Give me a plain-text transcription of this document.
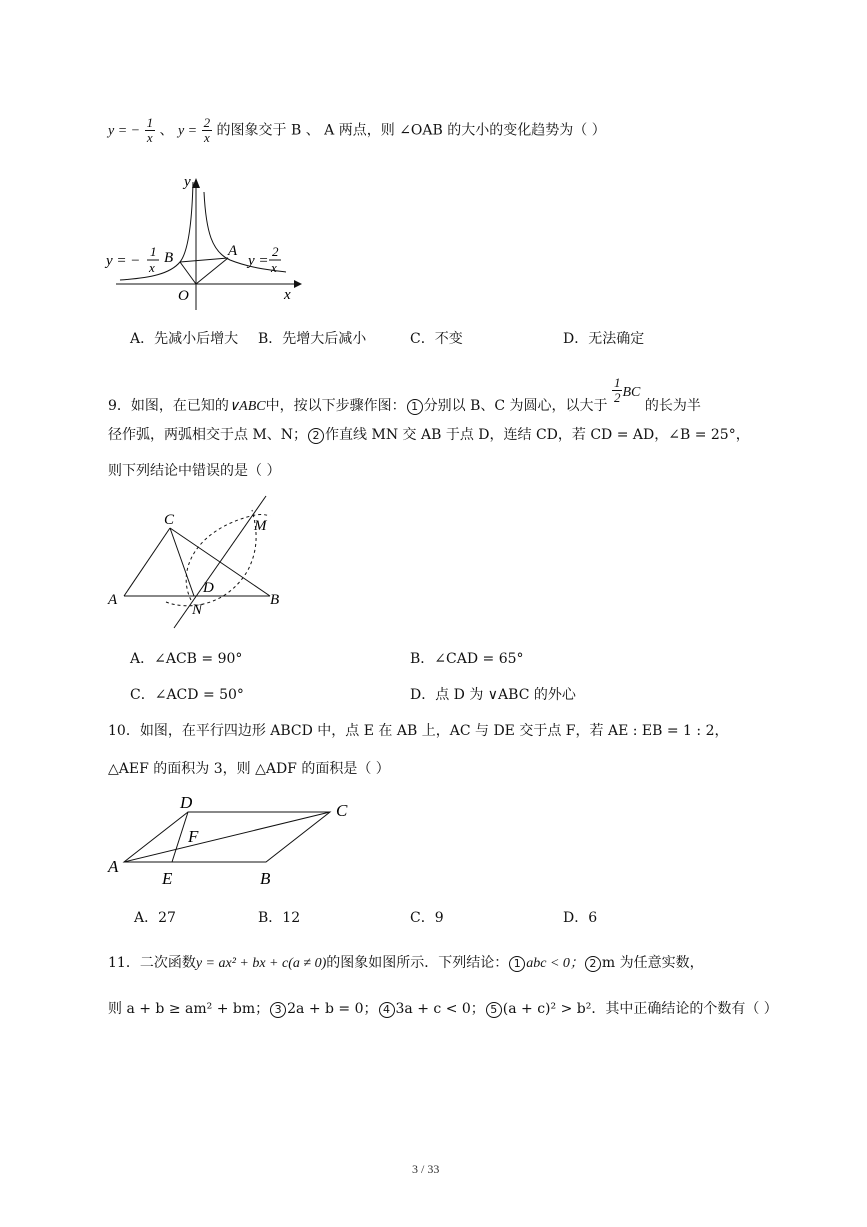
y = − $\frac{1}{x}$ 、 $y = \frac{2}{x}$ 的图象交于 B 、 A 两点，则 ∠OAB 的大小的变化趋势为（ ）
y
x
O
A
B
y = −
1
x	y =
2
x
A．先减小后增大 B．先增大后减小	C．不变	D．无法确定
9．如图，在已知的∨ABC中，按以下步骤作图： 1 分别以 B、C 为圆心，以大于
$\frac{1}{2}$ BC 的长为半
径作弧，两弧相交于点 M、N； 2 作直线 MN 交 AB 于点 D，连结 CD，若 CD = AD，∠B = 25°，
则下列结论中错误的是（ ）
C	M
A
D
N
B
A．∠ACB = 90°	B．∠CAD = 65°
C．∠ACD = 50°	D．点 D 为 ∨ABC 的外心
10．如图，在平行四边形 ABCD 中，点 E 在 AB 上，AC 与 DE 交于点 F，若 AE : EB = 1 : 2，
△AEF 的面积为 3，则 △ADF 的面积是（ ）
D	C
F
A
E	B
A．27	B．12	C．9	D．6
11．二次函数y = ax² + bx + c(a ≠ 0)的图象如图所示．下列结论： 1 abc < 0； 2 m 为任意实数，
则 a + b ≥ am² + bm； 3 2a + b = 0； 4 3a + c < 0； 5 (a + c)² > b²．其中正确结论的个数有（ ）
3 / 33
